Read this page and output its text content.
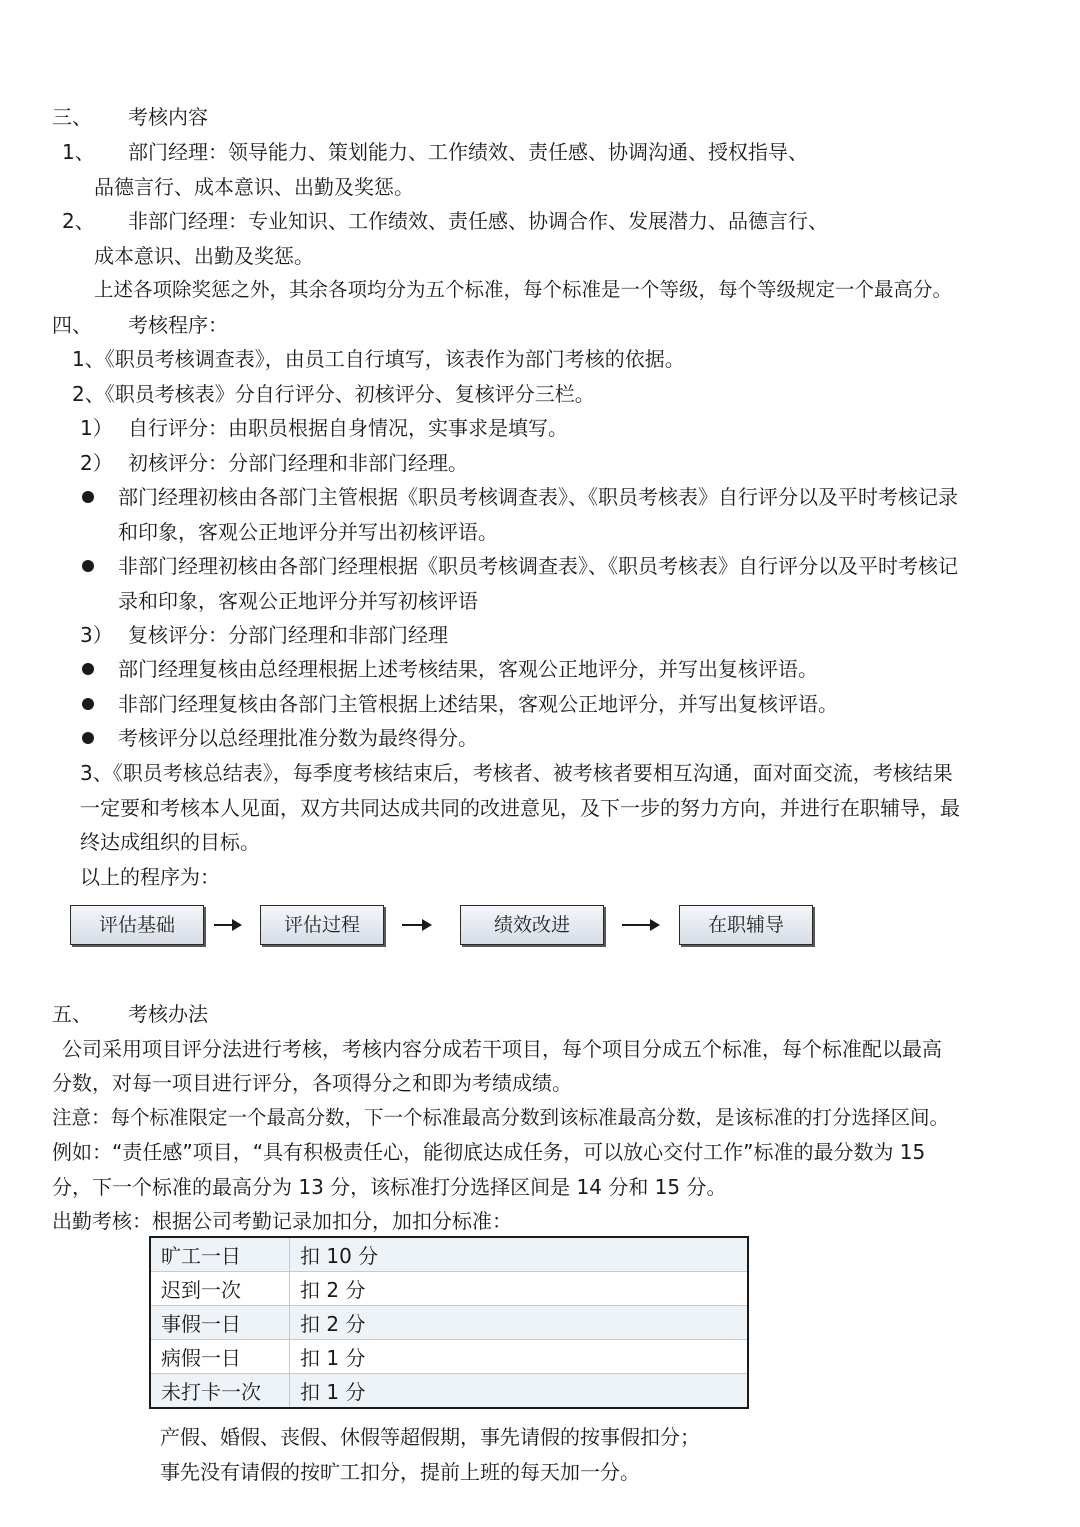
三、 考核内容
1、 部门经理：领导能力、策划能力、工作绩效、责任感、协调沟通、授权指导、
品德言行、成本意识、出勤及奖惩。
2、 非部门经理：专业知识、工作绩效、责任感、协调合作、发展潜力、品德言行、
成本意识、出勤及奖惩。
上述各项除奖惩之外，其余各项均分为五个标准，每个标准是一个等级，每个等级规定一个最高分。
四、 考核程序：
1、《职员考核调查表》，由员工自行填写，该表作为部门考核的依据。
2、《职员考核表》分自行评分、初核评分、复核评分三栏。
1） 自行评分：由职员根据自身情况，实事求是填写。
2） 初核评分：分部门经理和非部门经理。
部门经理初核由各部门主管根据《职员考核调查表》、《职员考核表》自行评分以及平时考核记录
和印象，客观公正地评分并写出初核评语。
非部门经理初核由各部门经理根据《职员考核调查表》、《职员考核表》自行评分以及平时考核记
录和印象，客观公正地评分并写初核评语
3） 复核评分：分部门经理和非部门经理
部门经理复核由总经理根据上述考核结果，客观公正地评分，并写出复核评语。
非部门经理复核由各部门主管根据上述结果，客观公正地评分，并写出复核评语。
考核评分以总经理批准分数为最终得分。
3、《职员考核总结表》，每季度考核结束后，考核者、被考核者要相互沟通，面对面交流，考核结果
一定要和考核本人见面，双方共同达成共同的改进意见，及下一步的努力方向，并进行在职辅导，最
终达成组织的目标。
以上的程序为：
评估基础	评估过程	绩效改进	在职辅导
五、 考核办法
公司采用项目评分法进行考核，考核内容分成若干项目，每个项目分成五个标准，每个标准配以最高
分数，对每一项目进行评分，各项得分之和即为考绩成绩。
注意：每个标准限定一个最高分数，下一个标准最高分数到该标准最高分数，是该标准的打分选择区间。
例如：“责任感”项目，“具有积极责任心，能彻底达成任务，可以放心交付工作”标准的最分数为 15
分，下一个标准的最高分为 13 分，该标准打分选择区间是 14 分和 15 分。
出勤考核：根据公司考勤记录加扣分，加扣分标准：
旷工一日	扣 10 分
迟到一次	扣 2 分
事假一日	扣 2 分
病假一日	扣 1 分
未打卡一次	扣 1 分
产假、婚假、丧假、休假等超假期，事先请假的按事假扣分；
事先没有请假的按旷工扣分，提前上班的每天加一分。
